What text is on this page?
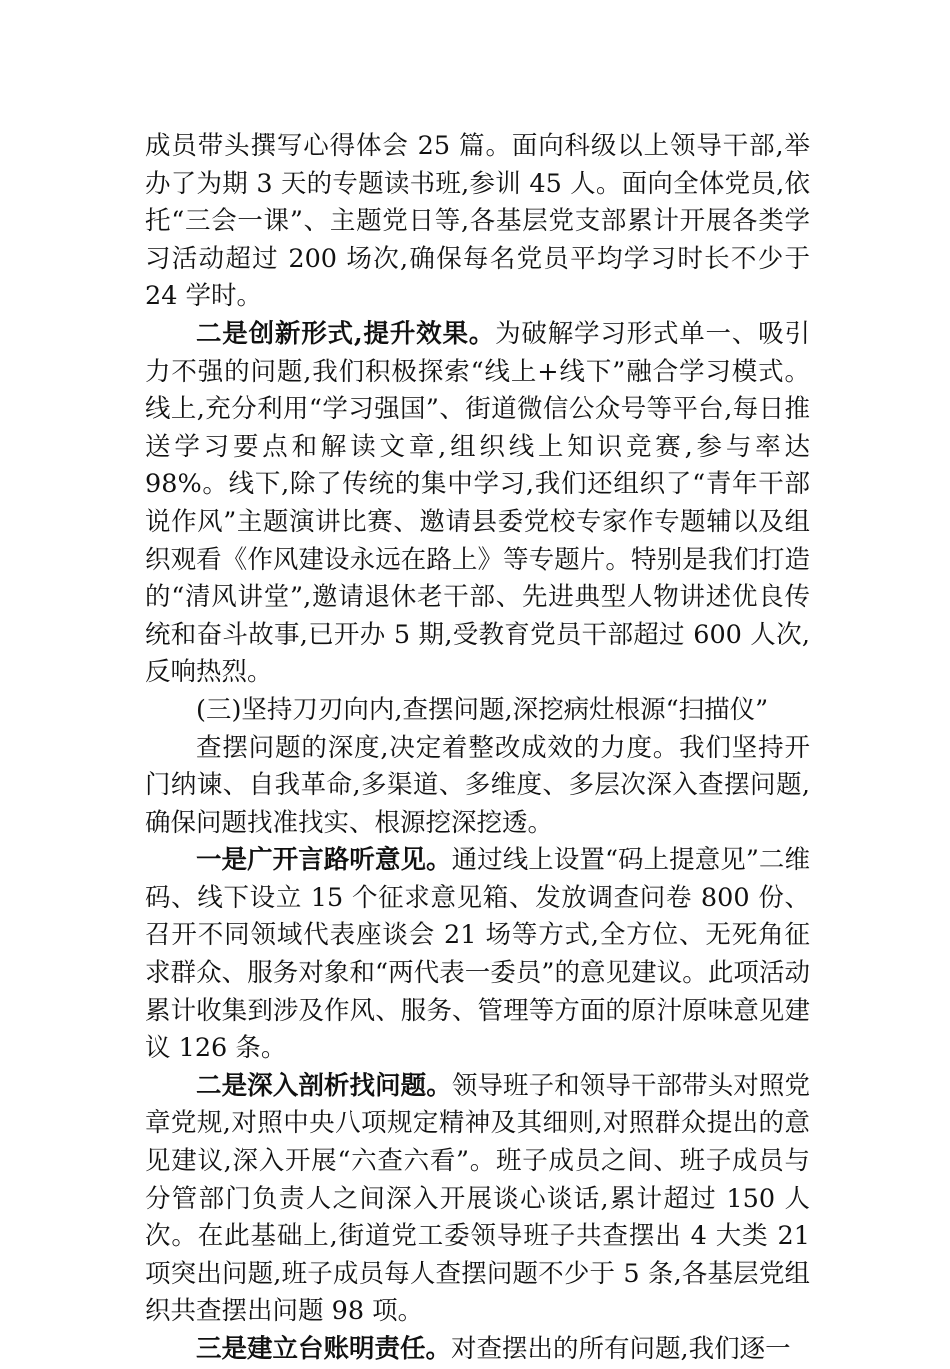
成员带头撰写心得体会 25 篇。面向科级以上领导干部,举办了为期 3 天的专题读书班,参训 45 人。面向全体党员,依托“三会一课”、主题党日等,各基层党支部累计开展各类学习活动超过 200 场次,确保每名党员平均学习时长不少于 24 学时。

二是创新形式,提升效果。为破解学习形式单一、吸引力不强的问题,我们积极探索“线上+线下”融合学习模式。线上,充分利用“学习强国”、街道微信公众号等平台,每日推送学习要点和解读文章,组织线上知识竞赛,参与率达 98%。线下,除了传统的集中学习,我们还组织了“青年干部说作风”主题演讲比赛、邀请县委党校专家作专题辅以及组织观看《作风建设永远在路上》等专题片。特别是我们打造的“清风讲堂”,邀请退休老干部、先进典型人物讲述优良传统和奋斗故事,已开办 5 期,受教育党员干部超过 600 人次,反响热烈。

(三)坚持刀刃向内,查摆问题,深挖病灶根源“扫描仪”

查摆问题的深度,决定着整改成效的力度。我们坚持开门纳谏、自我革命,多渠道、多维度、多层次深入查摆问题,确保问题找准找实、根源挖深挖透。

一是广开言路听意见。通过线上设置“码上提意见”二维码、线下设立 15 个征求意见箱、发放调查问卷 800 份、召开不同领域代表座谈会 21 场等方式,全方位、无死角征求群众、服务对象和“两代表一委员”的意见建议。此项活动累计收集到涉及作风、服务、管理等方面的原汁原味意见建议 126 条。

二是深入剖析找问题。领导班子和领导干部带头对照党章党规,对照中央八项规定精神及其细则,对照群众提出的意见建议,深入开展“六查六看”。班子成员之间、班子成员与分管部门负责人之间深入开展谈心谈话,累计超过 150 人次。在此基础上,街道党工委领导班子共查摆出 4 大类 21 项突出问题,班子成员每人查摆问题不少于 5 条,各基层党组织共查摆出问题 98 项。

三是建立台账明责任。对查摆出的所有问题,我们逐一
